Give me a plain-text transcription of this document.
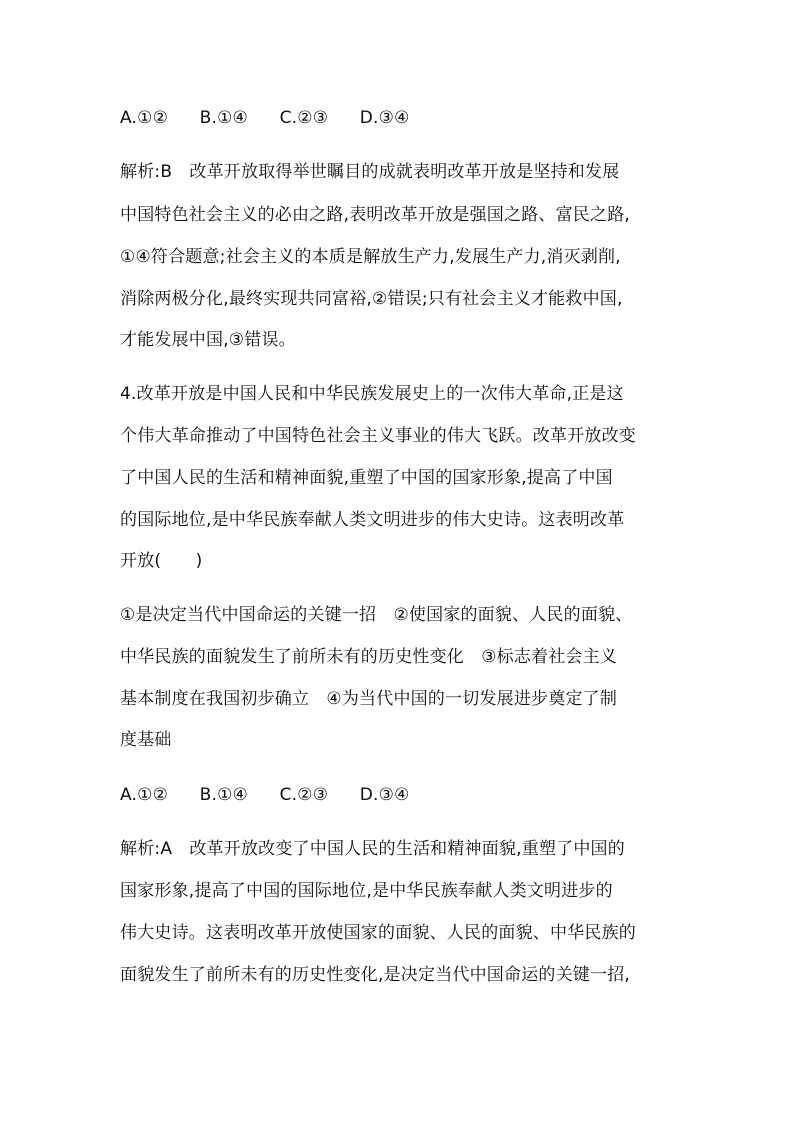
A.①② B.①④ C.②③ D.③④
解析:B　改革开放取得举世瞩目的成就表明改革开放是坚持和发展
中国特色社会主义的必由之路,表明改革开放是强国之路、富民之路,
①④符合题意;社会主义的本质是解放生产力,发展生产力,消灭剥削,
消除两极分化,最终实现共同富裕,②错误;只有社会主义才能救中国,
才能发展中国,③错误。
4.改革开放是中国人民和中华民族发展史上的一次伟大革命,正是这
个伟大革命推动了中国特色社会主义事业的伟大飞跃。改革开放改变
了中国人民的生活和精神面貌,重塑了中国的国家形象,提高了中国
的国际地位,是中华民族奉献人类文明进步的伟大史诗。这表明改革
开放(　　)
①是决定当代中国命运的关键一招　②使国家的面貌、人民的面貌、
中华民族的面貌发生了前所未有的历史性变化　③标志着社会主义
基本制度在我国初步确立　④为当代中国的一切发展进步奠定了制
度基础
A.①② B.①④ C.②③ D.③④
解析:A　改革开放改变了中国人民的生活和精神面貌,重塑了中国的
国家形象,提高了中国的国际地位,是中华民族奉献人类文明进步的
伟大史诗。这表明改革开放使国家的面貌、人民的面貌、中华民族的
面貌发生了前所未有的历史性变化,是决定当代中国命运的关键一招,
